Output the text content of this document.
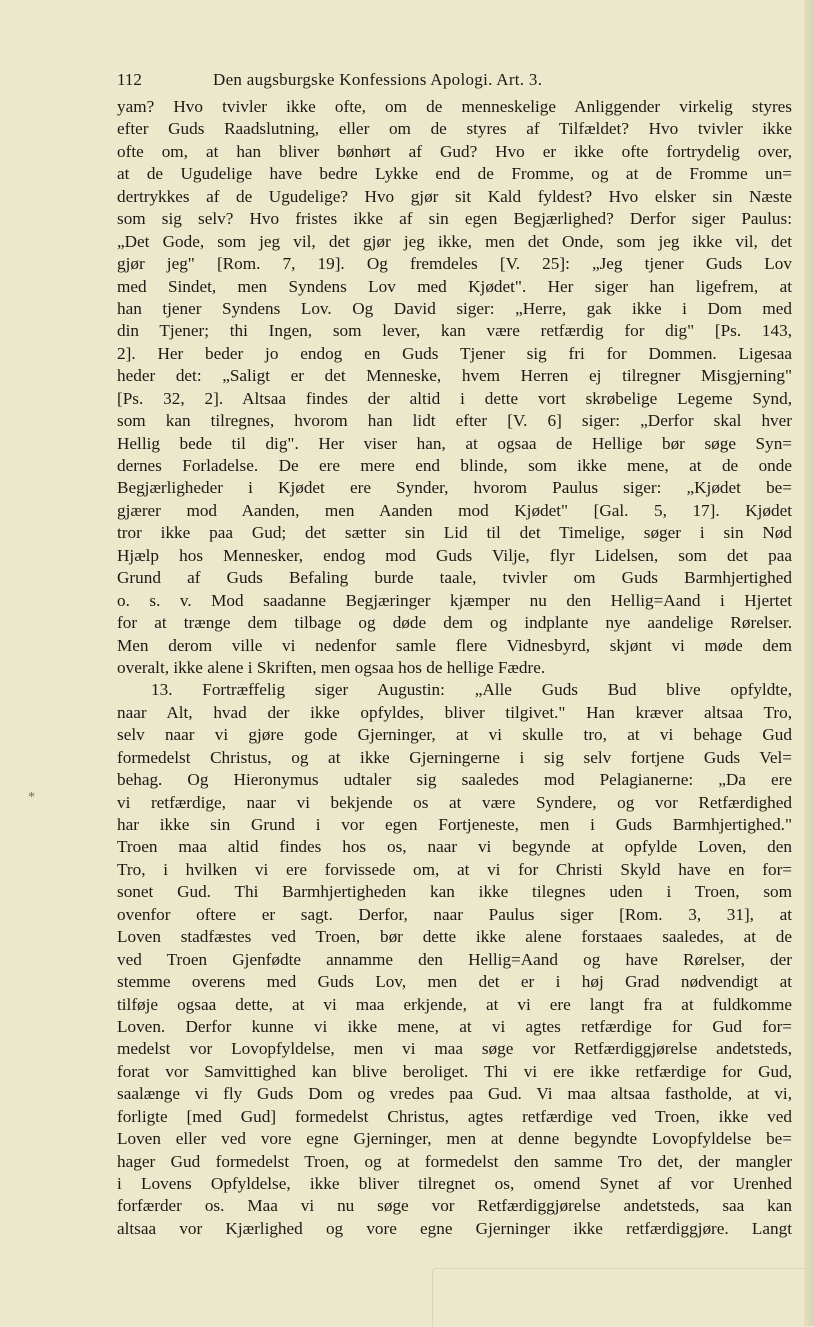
112	Den augsburgske Konfessions Apologi. Art. 3.
*
yam? Hvo tvivler ikke ofte, om de menneskelige Anliggender virkelig styres
efter Guds Raadslutning, eller om de styres af Tilfældet? Hvo tvivler ikke
ofte om, at han bliver bønhørt af Gud? Hvo er ikke ofte fortrydelig over,
at de Ugudelige have bedre Lykke end de Fromme, og at de Fromme un=
dertrykkes af de Ugudelige? Hvo gjør sit Kald fyldest? Hvo elsker sin Næste
som sig selv? Hvo fristes ikke af sin egen Begjærlighed? Derfor siger Paulus:
„Det Gode, som jeg vil, det gjør jeg ikke, men det Onde, som jeg ikke vil, det
gjør jeg" [Rom. 7, 19]. Og fremdeles [V. 25]: „Jeg tjener Guds Lov
med Sindet, men Syndens Lov med Kjødet". Her siger han ligefrem, at
han tjener Syndens Lov. Og David siger: „Herre, gak ikke i Dom med
din Tjener; thi Ingen, som lever, kan være retfærdig for dig" [Ps. 143,
2]. Her beder jo endog en Guds Tjener sig fri for Dommen. Ligesaa
heder det: „Saligt er det Menneske, hvem Herren ej tilregner Misgjerning"
[Ps. 32, 2]. Altsaa findes der altid i dette vort skrøbelige Legeme Synd,
som kan tilregnes, hvorom han lidt efter [V. 6] siger: „Derfor skal hver
Hellig bede til dig". Her viser han, at ogsaa de Hellige bør søge Syn=
dernes Forladelse. De ere mere end blinde, som ikke mene, at de onde
Begjærligheder i Kjødet ere Synder, hvorom Paulus siger: „Kjødet be=
gjærer mod Aanden, men Aanden mod Kjødet" [Gal. 5, 17]. Kjødet
tror ikke paa Gud; det sætter sin Lid til det Timelige, søger i sin Nød
Hjælp hos Mennesker, endog mod Guds Vilje, flyr Lidelsen, som det paa
Grund af Guds Befaling burde taale, tvivler om Guds Barmhjertighed
o. s. v. Mod saadanne Begjæringer kjæmper nu den Hellig=Aand i Hjertet
for at trænge dem tilbage og døde dem og indplante nye aandelige Rørelser.
Men derom ville vi nedenfor samle flere Vidnesbyrd, skjønt vi møde dem
overalt, ikke alene i Skriften, men ogsaa hos de hellige Fædre.
13. Fortræffelig siger Augustin: „Alle Guds Bud blive opfyldte,
naar Alt, hvad der ikke opfyldes, bliver tilgivet." Han kræver altsaa Tro,
selv naar vi gjøre gode Gjerninger, at vi skulle tro, at vi behage Gud
formedelst Christus, og at ikke Gjerningerne i sig selv fortjene Guds Vel=
behag. Og Hieronymus udtaler sig saaledes mod Pelagianerne: „Da ere
vi retfærdige, naar vi bekjende os at være Syndere, og vor Retfærdighed
har ikke sin Grund i vor egen Fortjeneste, men i Guds Barmhjertighed."
Troen maa altid findes hos os, naar vi begynde at opfylde Loven, den
Tro, i hvilken vi ere forvissede om, at vi for Christi Skyld have en for=
sonet Gud. Thi Barmhjertigheden kan ikke tilegnes uden i Troen, som
ovenfor oftere er sagt. Derfor, naar Paulus siger [Rom. 3, 31], at
Loven stadfæstes ved Troen, bør dette ikke alene forstaaes saaledes, at de
ved Troen Gjenfødte annamme den Hellig=Aand og have Rørelser, der
stemme overens med Guds Lov, men det er i høj Grad nødvendigt at
tilføje ogsaa dette, at vi maa erkjende, at vi ere langt fra at fuldkomme
Loven. Derfor kunne vi ikke mene, at vi agtes retfærdige for Gud for=
medelst vor Lovopfyldelse, men vi maa søge vor Retfærdiggjørelse andetsteds,
forat vor Samvittighed kan blive beroliget. Thi vi ere ikke retfærdige for Gud,
saalænge vi fly Guds Dom og vredes paa Gud. Vi maa altsaa fastholde, at vi,
forligte [med Gud] formedelst Christus, agtes retfærdige ved Troen, ikke ved
Loven eller ved vore egne Gjerninger, men at denne begyndte Lovopfyldelse be=
hager Gud formedelst Troen, og at formedelst den samme Tro det, der mangler
i Lovens Opfyldelse, ikke bliver tilregnet os, omend Synet af vor Urenhed
forfærder os. Maa vi nu søge vor Retfærdiggjørelse andetsteds, saa kan
altsaa vor Kjærlighed og vore egne Gjerninger ikke retfærdiggjøre. Langt
